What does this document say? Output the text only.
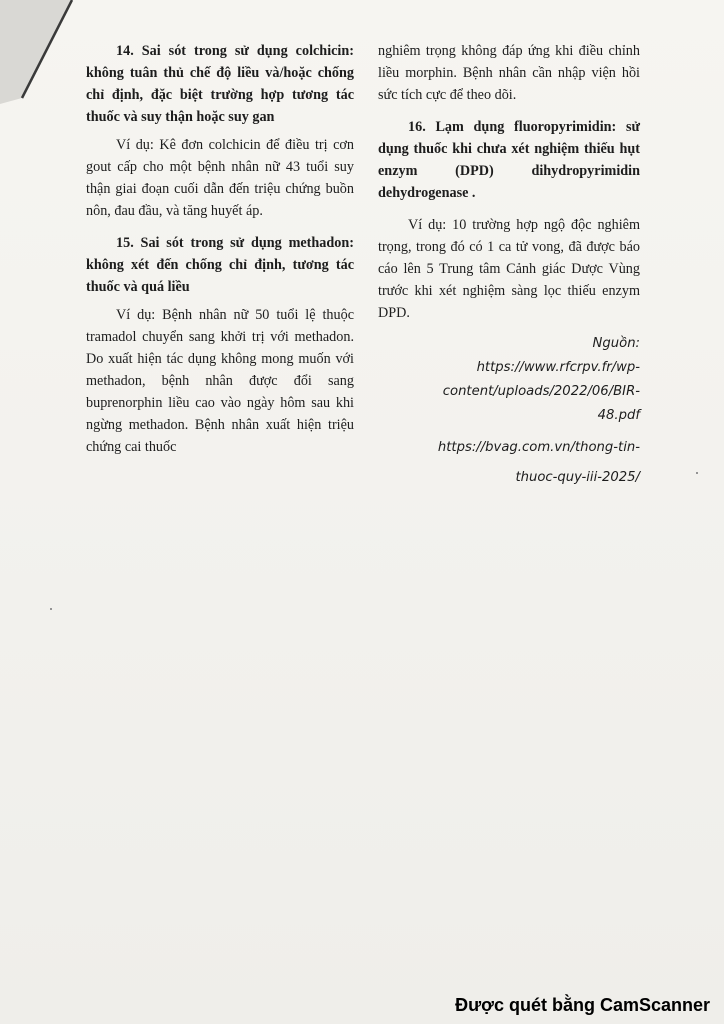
14. Sai sót trong sử dụng colchicin: không tuân thủ chế độ liều và/hoặc chống chỉ định, đặc biệt trường hợp tương tác thuốc và suy thận hoặc suy gan

Ví dụ: Kê đơn colchicin để điều trị cơn gout cấp cho một bệnh nhân nữ 43 tuổi suy thận giai đoạn cuối dẫn đến triệu chứng buồn nôn, đau đầu, và tăng huyết áp.

15. Sai sót trong sử dụng methadon: không xét đến chống chỉ định, tương tác thuốc và quá liều

Ví dụ: Bệnh nhân nữ 50 tuổi lệ thuộc tramadol chuyển sang khởi trị với methadon. Do xuất hiện tác dụng không mong muốn với methadon, bệnh nhân được đổi sang buprenorphin liều cao vào ngày hôm sau khi ngừng methadon. Bệnh nhân xuất hiện triệu chứng cai thuốc

nghiêm trọng không đáp ứng khi điều chỉnh liều morphin. Bệnh nhân cần nhập viện hồi sức tích cực để theo dõi.

16. Lạm dụng fluoropyrimidin: sử dụng thuốc khi chưa xét nghiệm thiếu hụt enzym (DPD) dihydropyrimidin dehydrogenase .

Ví dụ: 10 trường hợp ngộ độc nghiêm trọng, trong đó có 1 ca tử vong, đã được báo cáo lên 5 Trung tâm Cảnh giác Dược Vùng trước khi xét nghiệm sàng lọc thiếu enzym DPD.

Nguồn:

https://www.rfcrpv.fr/wp-

content/uploads/2022/06/BIR-

48.pdf

https://bvag.com.vn/thong-tin-

thuoc-quy-iii-2025/

Được quét bằng CamScanner
